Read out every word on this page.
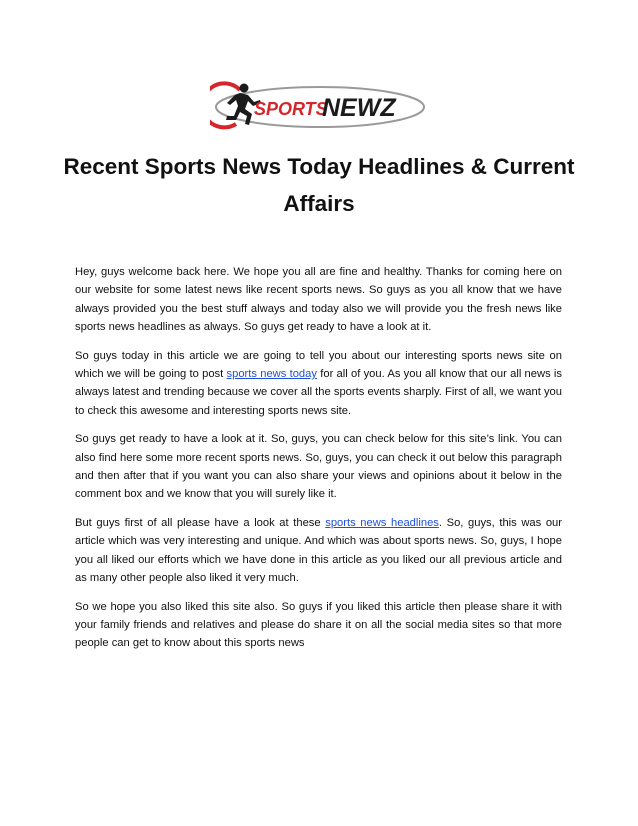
SPORTS
NEWZ
Recent Sports News Today Headlines & Current Affairs

Hey, guys welcome back here. We hope you all are fine and healthy. Thanks for coming here on our website for some latest news like recent sports news. So guys as you all know that we have always provided you the best stuff always and today also we will provide you the fresh news like sports news headlines as always. So guys get ready to have a look at it.

So guys today in this article we are going to tell you about our interesting sports news site on which we will be going to post sports news today for all of you. As you all know that our all news is always latest and trending because we cover all the sports events sharply. First of all, we want you to check this awesome and interesting sports news site.

So guys get ready to have a look at it. So, guys, you can check below for this site’s link. You can also find here some more recent sports news. So, guys, you can check it out below this paragraph and then after that if you want you can also share your views and opinions about it below in the comment box and we know that you will surely like it.

But guys first of all please have a look at these sports news headlines. So, guys, this was our article which was very interesting and unique. And which was about sports news. So, guys, I hope you all liked our efforts which we have done in this article as you liked our all previous article and as many other people also liked it very much.

So we hope you also liked this site also. So guys if you liked this article then please share it with your family friends and relatives and please do share it on all the social media sites so that more people can get to know about this sports news
